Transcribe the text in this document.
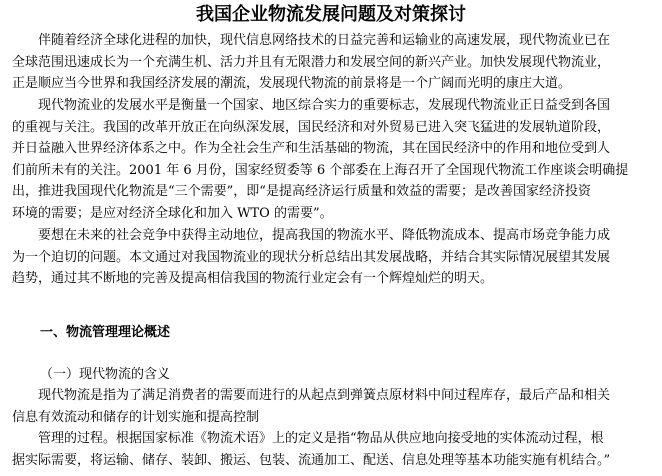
我国企业物流发展问题及对策探讨

伴随着经济全球化进程的加快，现代信息网络技术的日益完善和运输业的高速发展，现代物流业已在
全球范围迅速成长为一个充满生机、活力并且有无限潜力和发展空间的新兴产业。加快发展现代物流业，
正是顺应当今世界和我国经济发展的潮流，发展现代物流的前景将是一个广阔而光明的康庄大道。

现代物流业的发展水平是衡量一个国家、地区综合实力的重要标志，发展现代物流业正日益受到各国
的重视与关注。我国的改革开放正在向纵深发展，国民经济和对外贸易已进入突飞猛进的发展轨道阶段，
并日益融入世界经济体系之中。作为全社会生产和生活基础的物流，其在国民经济中的作用和地位受到人
们前所未有的关注。2001 年 6 月份，国家经贸委等 6 个部委在上海召开了全国现代物流工作座谈会明确提
出，推进我国现代化物流是“三个需要”，即“是提高经济运行质量和效益的需要；是改善国家经济投资
环境的需要；是应对经济全球化和加入 WTO 的需要”。

要想在未来的社会竞争中获得主动地位，提高我国的物流水平、降低物流成本、提高市场竞争能力成
为一个迫切的问题。本文通过对我国物流业的现状分析总结出其发展战略，并结合其实际情况展望其发展
趋势，通过其不断地的完善及提高相信我国的物流行业定会有一个辉煌灿烂的明天。

一、物流管理理论概述
（一）现代物流的含义

现代物流是指为了满足消费者的需要而进行的从起点到弹簧点原材料中间过程库存，最后产品和相关
信息有效流动和储存的计划实施和提高控制

管理的过程。根据国家标准《物流术语》上的定义是指“物品从供应地向接受地的实体流动过程，根
据实际需要，将运输、储存、装卸、搬运、包装、流通加工、配送、信息处理等基本功能实施有机结合。”
